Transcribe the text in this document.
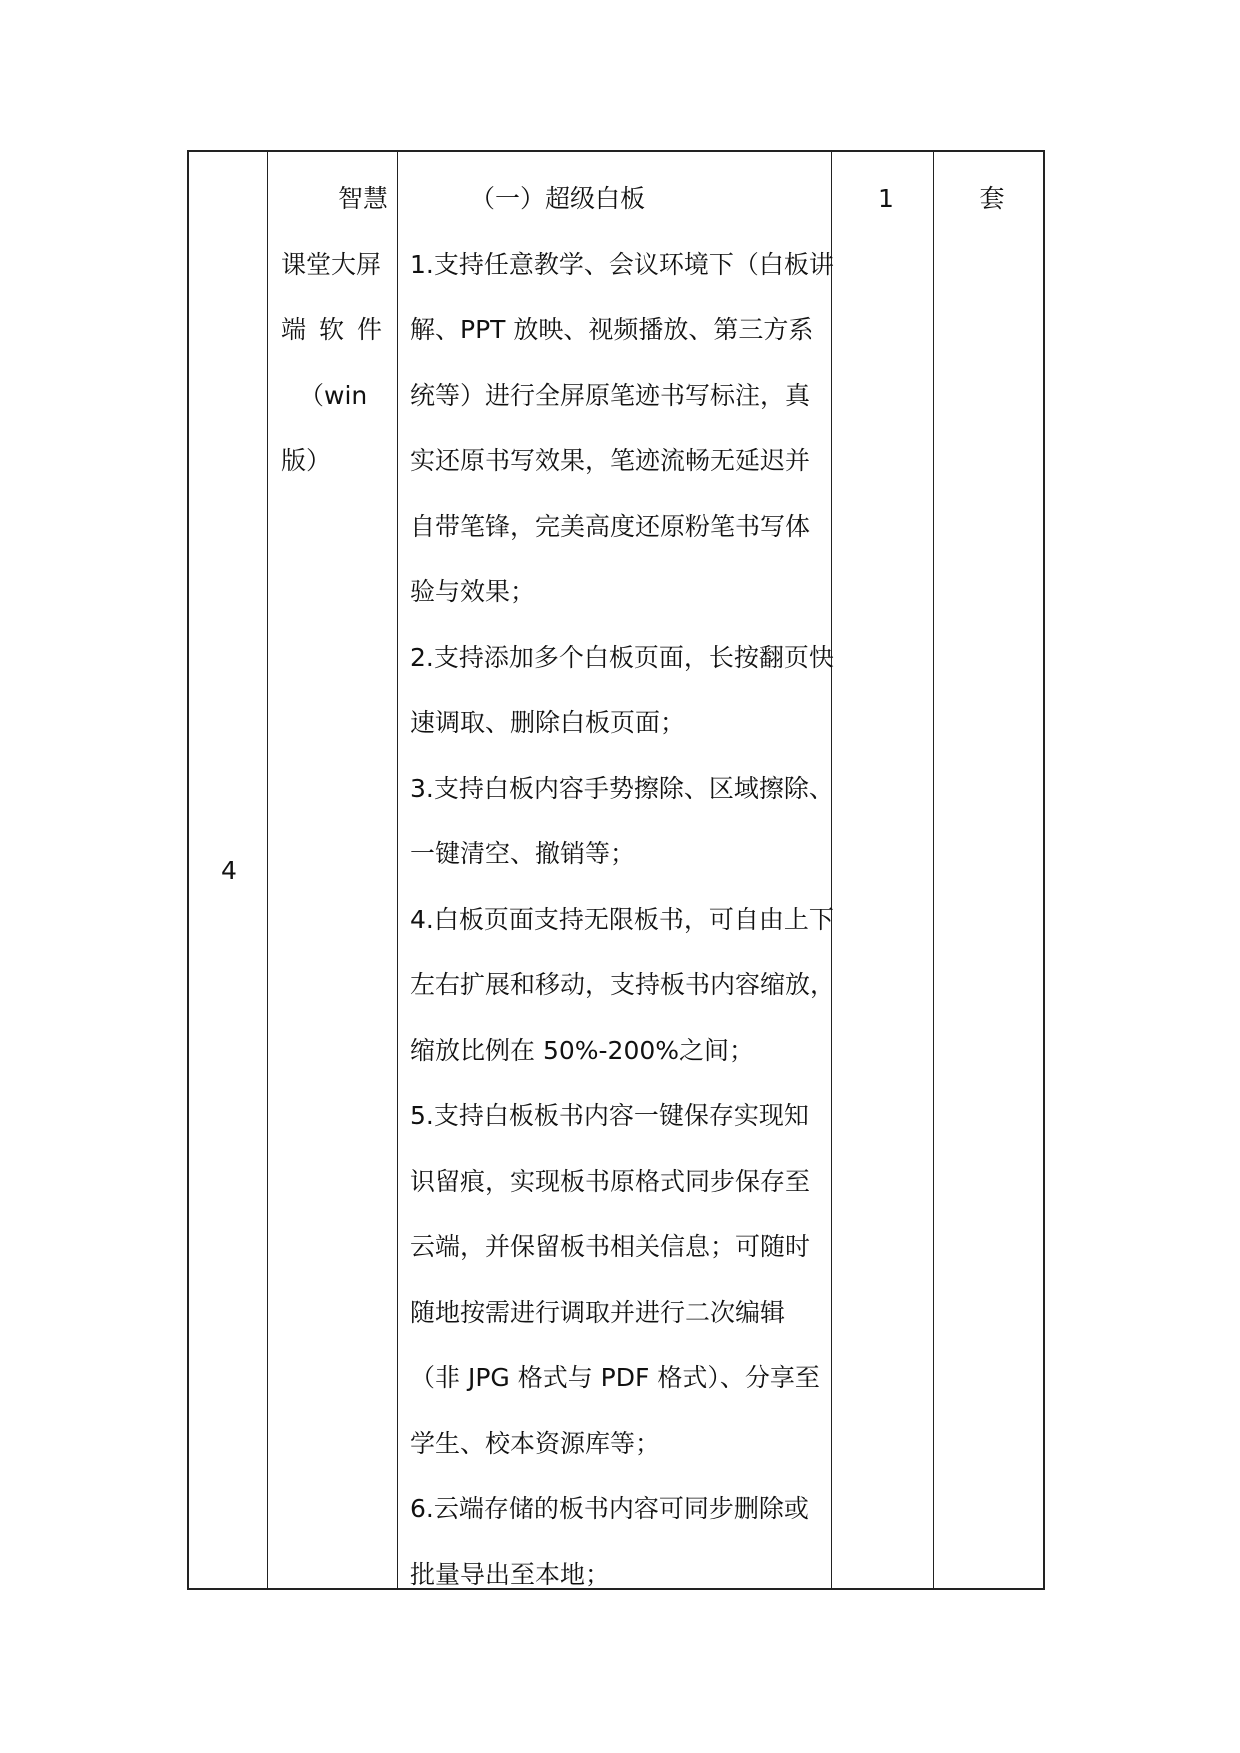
4
智慧
课堂大屏
端软件
（win
版）
（一）超级白板
1.支持任意教学、会议环境下（白板讲
解、PPT 放映、视频播放、第三方系
统等）进行全屏原笔迹书写标注，真
实还原书写效果，笔迹流畅无延迟并
自带笔锋，完美高度还原粉笔书写体
验与效果；
2.支持添加多个白板页面，长按翻页快
速调取、删除白板页面；
3.支持白板内容手势擦除、区域擦除、
一键清空、撤销等；
4.白板页面支持无限板书，可自由上下
左右扩展和移动，支持板书内容缩放，
缩放比例在 50%-200%之间；
5.支持白板板书内容一键保存实现知
识留痕，实现板书原格式同步保存至
云端，并保留板书相关信息；可随时
随地按需进行调取并进行二次编辑
（非 JPG 格式与 PDF 格式）、分享至
学生、校本资源库等；
6.云端存储的板书内容可同步删除或
批量导出至本地；
1	套
